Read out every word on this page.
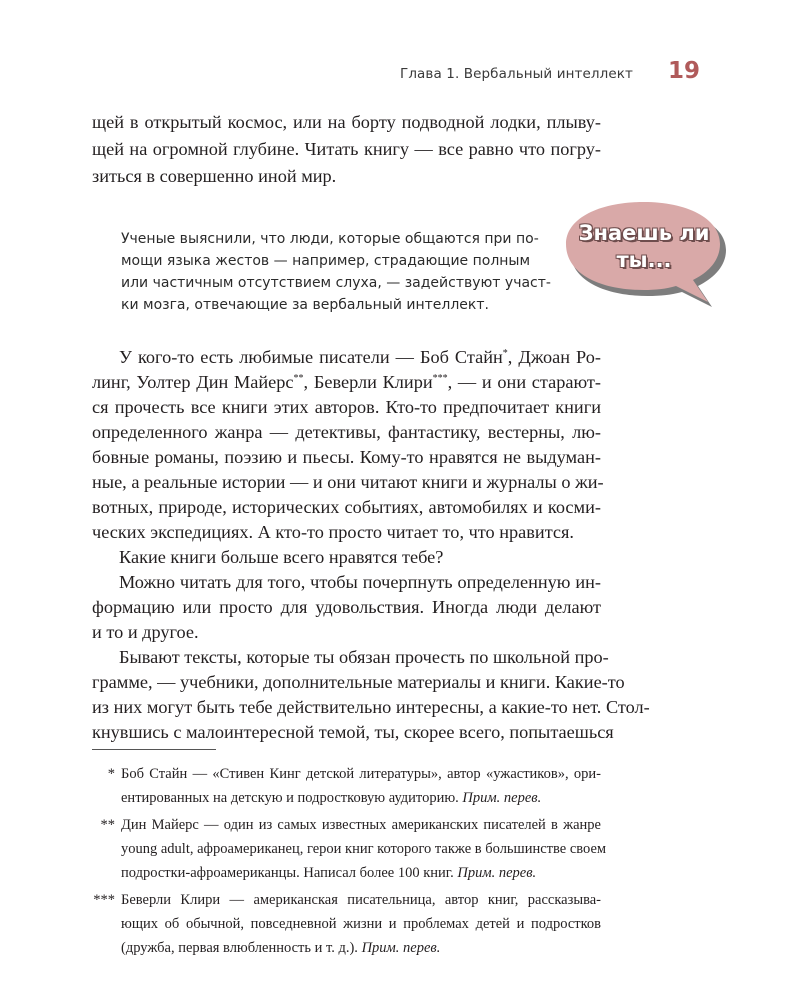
Глава 1. Вербальный интеллект 19
щей в открытый космос, или на борту подводной лодки, плыву-
щей на огромной глубине. Читать книгу — все равно что погру-
зиться в совершенно иной мир.
Ученые выяснили, что люди, которые общаются при по-
мощи языка жестов — например, страдающие полным
или частичным отсутствием слуха, — задействуют участ-
ки мозга, отвечающие за вербальный интеллект.
Знаешь ли
ты...
У кого-то есть любимые писатели — Боб Стайн*, Джоан Ро-
линг, Уолтер Дин Майерс**, Беверли Клири***, — и они старают-
ся прочесть все книги этих авторов. Кто-то предпочитает книги
определенного жанра — детективы, фантастику, вестерны, лю-
бовные романы, поэзию и пьесы. Кому-то нравятся не выдуман-
ные, а реальные истории — и они читают книги и журналы о жи-
вотных, природе, исторических событиях, автомобилях и косми-
ческих экспедициях. А кто-то просто читает то, что нравится.
Какие книги больше всего нравятся тебе?
Можно читать для того, чтобы почерпнуть определенную ин-
формацию или просто для удовольствия. Иногда люди делают
и то и другое.
Бывают тексты, которые ты обязан прочесть по школьной про-
грамме, — учебники, дополнительные материалы и книги. Какие-то
из них могут быть тебе действительно интересны, а какие-то нет. Стол-
кнувшись с малоинтересной темой, ты, скорее всего, попытаешься
* Боб Стайн — «Стивен Кинг детской литературы», автор «ужастиков», ори-
ентированных на детскую и подростковую аудиторию. Прим. перев.
** Дин Майерс — один из самых известных американских писателей в жанре
young adult, афроамериканец, герои книг которого также в большинстве своем
подростки-афроамериканцы. Написал более 100 книг. Прим. перев.
*** Беверли Клири — американская писательница, автор книг, рассказыва-
ющих об обычной, повседневной жизни и проблемах детей и подростков
(дружба, первая влюбленность и т. д.). Прим. перев.
